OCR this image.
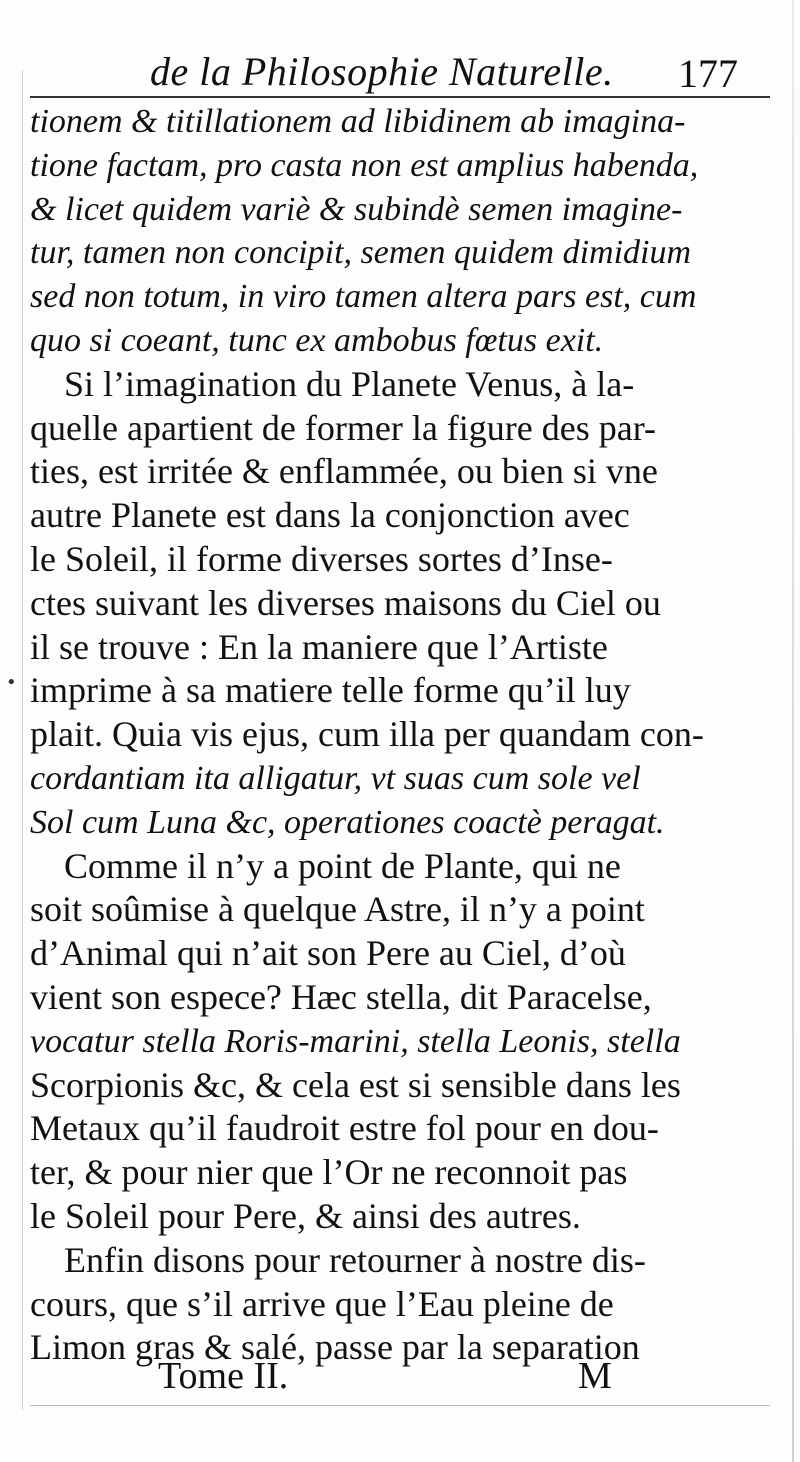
de la Philosophie Naturelle. 177
•
tionem & titillationem ad libidinem ab imagina-
tione factam, pro casta non est amplius habenda,
& licet quidem variè & subindè semen imagine-
tur, tamen non concipit, semen quidem dimidium
sed non totum, in viro tamen altera pars est, cum
quo si coeant, tunc ex ambobus fœtus exit.
Si l’imagination du Planete Venus, à la-
quelle apartient de former la figure des par-
ties, est irritée & enflammée, ou bien si vne
autre Planete est dans la conjonction avec
le Soleil, il forme diverses sortes d’Inse-
ctes suivant les diverses maisons du Ciel ou
il se trouve : En la maniere que l’Artiste
imprime à sa matiere telle forme qu’il luy
plait. Quia vis ejus, cum illa per quandam con-
cordantiam ita alligatur, vt suas cum sole vel
Sol cum Luna &c, operationes coactè peragat.
Comme il n’y a point de Plante, qui ne
soit soûmise à quelque Astre, il n’y a point
d’Animal qui n’ait son Pere au Ciel, d’où
vient son espece? Hæc stella, dit Paracelse,
vocatur stella Roris-marini, stella Leonis, stella
Scorpionis &c, & cela est si sensible dans les
Metaux qu’il faudroit estre fol pour en dou-
ter, & pour nier que l’Or ne reconnoit pas
le Soleil pour Pere, & ainsi des autres.
Enfin disons pour retourner à nostre dis-
cours, que s’il arrive que l’Eau pleine de
Limon gras & salé, passe par la separation
Tome II.	M
